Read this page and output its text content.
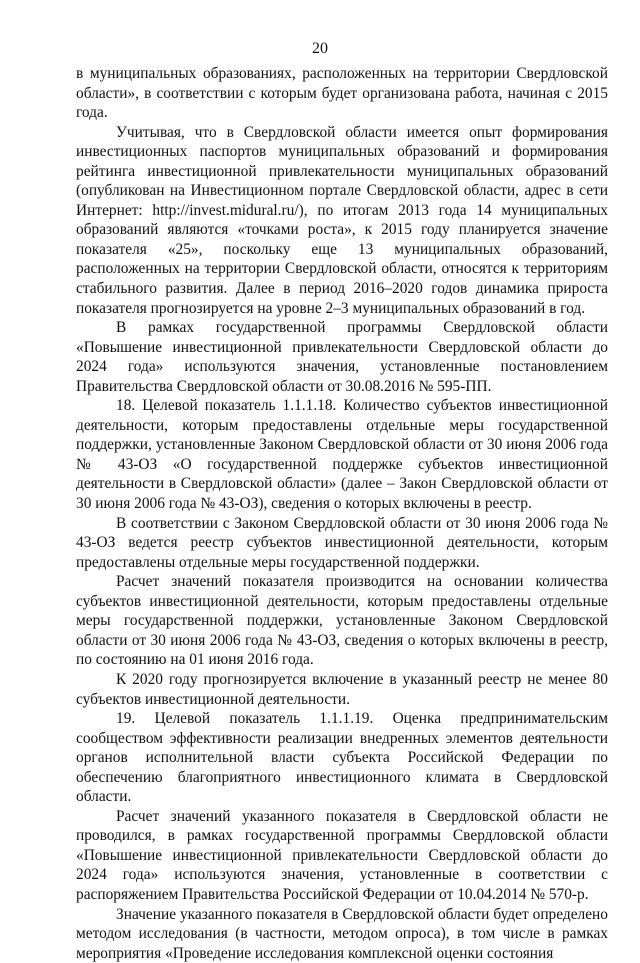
20

в муниципальных образованиях, расположенных на территории Свердловской области», в соответствии с которым будет организована работа, начиная с 2015 года.

Учитывая, что в Свердловской области имеется опыт формирования инвестиционных паспортов муниципальных образований и формирования рейтинга инвестиционной привлекательности муниципальных образований (опубликован на Инвестиционном портале Свердловской области, адрес в сети Интернет: http://invest.midural.ru/), по итогам 2013 года 14 муниципальных образований являются «точками роста», к 2015 году планируется значение показателя «25», поскольку еще 13 муниципальных образований, расположенных на территории Свердловской области, относятся к территориям стабильного развития. Далее в период 2016–2020 годов динамика прироста показателя прогнозируется на уровне 2–3 муниципальных образований в год.

В рамках государственной программы Свердловской области «Повышение инвестиционной привлекательности Свердловской области до 2024 года» используются значения, установленные постановлением Правительства Свердловской области от 30.08.2016 № 595-ПП.

18. Целевой показатель 1.1.1.18. Количество субъектов инвестиционной деятельности, которым предоставлены отдельные меры государственной поддержки, установленные Законом Свердловской области от 30 июня 2006 года № 43-ОЗ «О государственной поддержке субъектов инвестиционной деятельности в Свердловской области» (далее – Закон Свердловской области от 30 июня 2006 года № 43-ОЗ), сведения о которых включены в реестр.

В соответствии с Законом Свердловской области от 30 июня 2006 года № 43-ОЗ ведется реестр субъектов инвестиционной деятельности, которым предоставлены отдельные меры государственной поддержки.

Расчет значений показателя производится на основании количества субъектов инвестиционной деятельности, которым предоставлены отдельные меры государственной поддержки, установленные Законом Свердловской области от 30 июня 2006 года № 43-ОЗ, сведения о которых включены в реестр, по состоянию на 01 июня 2016 года.

К 2020 году прогнозируется включение в указанный реестр не менее 80 субъектов инвестиционной деятельности.

19. Целевой показатель 1.1.1.19. Оценка предпринимательским сообществом эффективности реализации внедренных элементов деятельности органов исполнительной власти субъекта Российской Федерации по обеспечению благоприятного инвестиционного климата в Свердловской области.

Расчет значений указанного показателя в Свердловской области не проводился, в рамках государственной программы Свердловской области «Повышение инвестиционной привлекательности Свердловской области до 2024 года» используются значения, установленные в соответствии с распоряжением Правительства Российской Федерации от 10.04.2014 № 570-р.

Значение указанного показателя в Свердловской области будет определено методом исследования (в частности, методом опроса), в том числе в рамках мероприятия «Проведение исследования комплексной оценки состояния
